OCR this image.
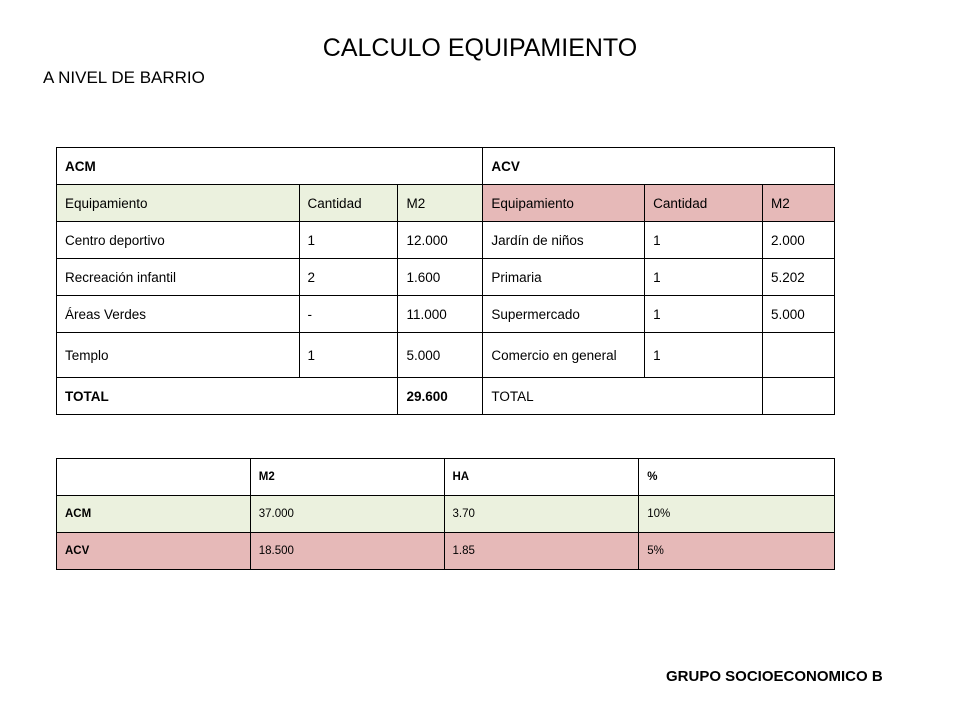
CALCULO EQUIPAMIENTO
A NIVEL DE BARRIO
ACM			ACV		
Equipamiento	Cantidad	M2	Equipamiento	Cantidad	M2
Centro deportivo	1	12.000	Jardín de niños	1	2.000
Recreación infantil	2	1.600	Primaria	1	5.202
Áreas Verdes	-	11.000	Supermercado	1	5.000
Templo	1	5.000	Comercio en general	1	
TOTAL		29.600	TOTAL		
	M2	HA	%
ACM	37.000	3.70	10%
ACV	18.500	1.85	5%
GRUPO SOCIOECONOMICO B
